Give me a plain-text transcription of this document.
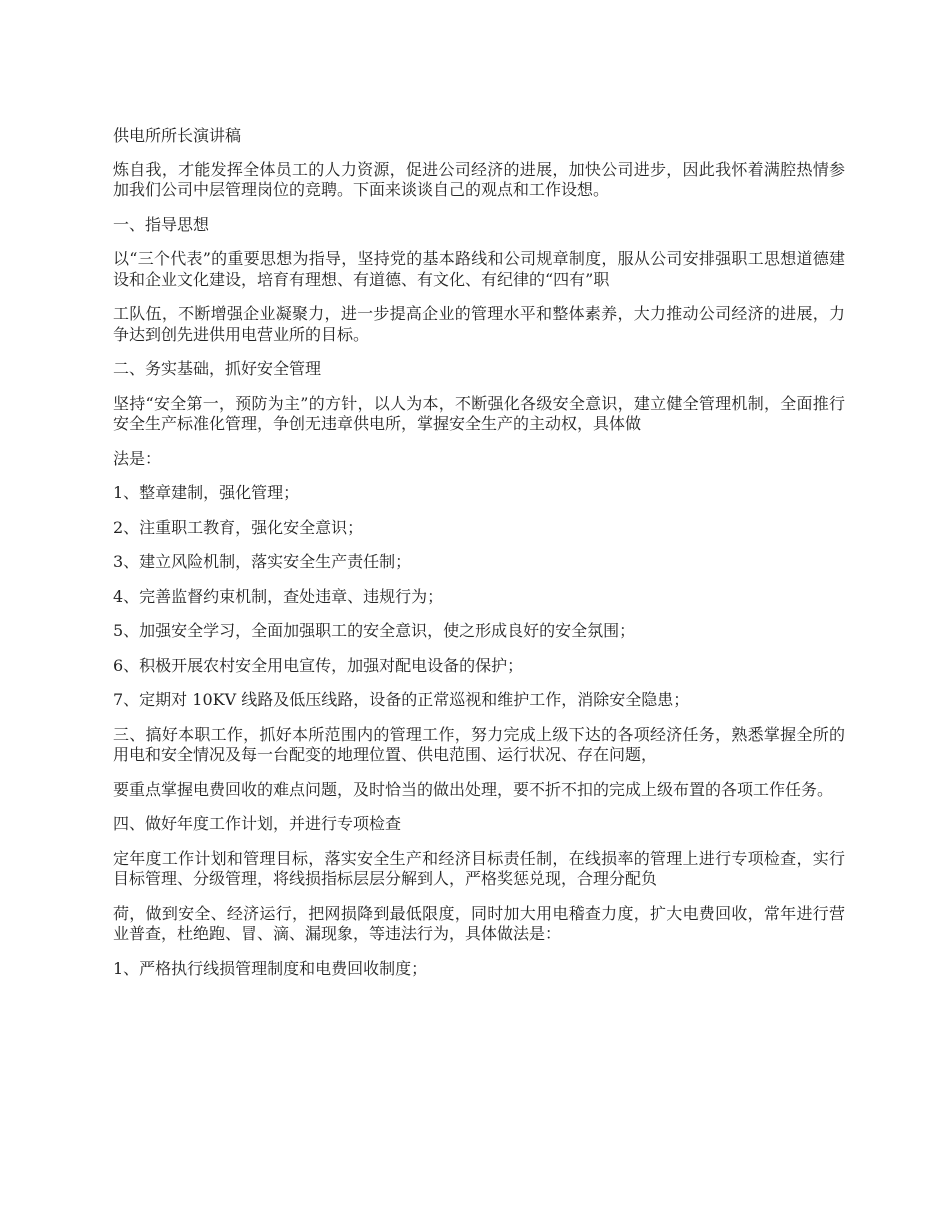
供电所所长演讲稿

炼自我，才能发挥全体员工的人力资源，促进公司经济的进展，加快公司进步，因此我怀着满腔热情参加我们公司中层管理岗位的竞聘。下面来谈谈自己的观点和工作设想。

一、指导思想

以“三个代表”的重要思想为指导，坚持党的基本路线和公司规章制度，服从公司安排强职工思想道德建设和企业文化建设，培育有理想、有道德、有文化、有纪律的“四有”职

工队伍，不断增强企业凝聚力，进一步提高企业的管理水平和整体素养，大力推动公司经济的进展，力争达到创先进供用电营业所的目标。

二、务实基础，抓好安全管理

坚持“安全第一，预防为主”的方针，以人为本，不断强化各级安全意识，建立健全管理机制，全面推行安全生产标准化管理，争创无违章供电所，掌握安全生产的主动权，具体做

法是：

1、整章建制，强化管理；

2、注重职工教育，强化安全意识；

3、建立风险机制，落实安全生产责任制；

4、完善监督约束机制，查处违章、违规行为；

5、加强安全学习，全面加强职工的安全意识，使之形成良好的安全氛围；

6、积极开展农村安全用电宣传，加强对配电设备的保护；

7、定期对 10KV 线路及低压线路，设备的正常巡视和维护工作，消除安全隐患；

三、搞好本职工作，抓好本所范围内的管理工作，努力完成上级下达的各项经济任务，熟悉掌握全所的用电和安全情况及每一台配变的地理位置、供电范围、运行状况、存在问题，

要重点掌握电费回收的难点问题，及时恰当的做出处理，要不折不扣的完成上级布置的各项工作任务。

四、做好年度工作计划，并进行专项检查

定年度工作计划和管理目标，落实安全生产和经济目标责任制，在线损率的管理上进行专项检查，实行目标管理、分级管理，将线损指标层层分解到人，严格奖惩兑现，合理分配负

荷，做到安全、经济运行，把网损降到最低限度，同时加大用电稽查力度，扩大电费回收，常年进行营业普查，杜绝跑、冒、滴、漏现象，等违法行为，具体做法是：

1、严格执行线损管理制度和电费回收制度；
